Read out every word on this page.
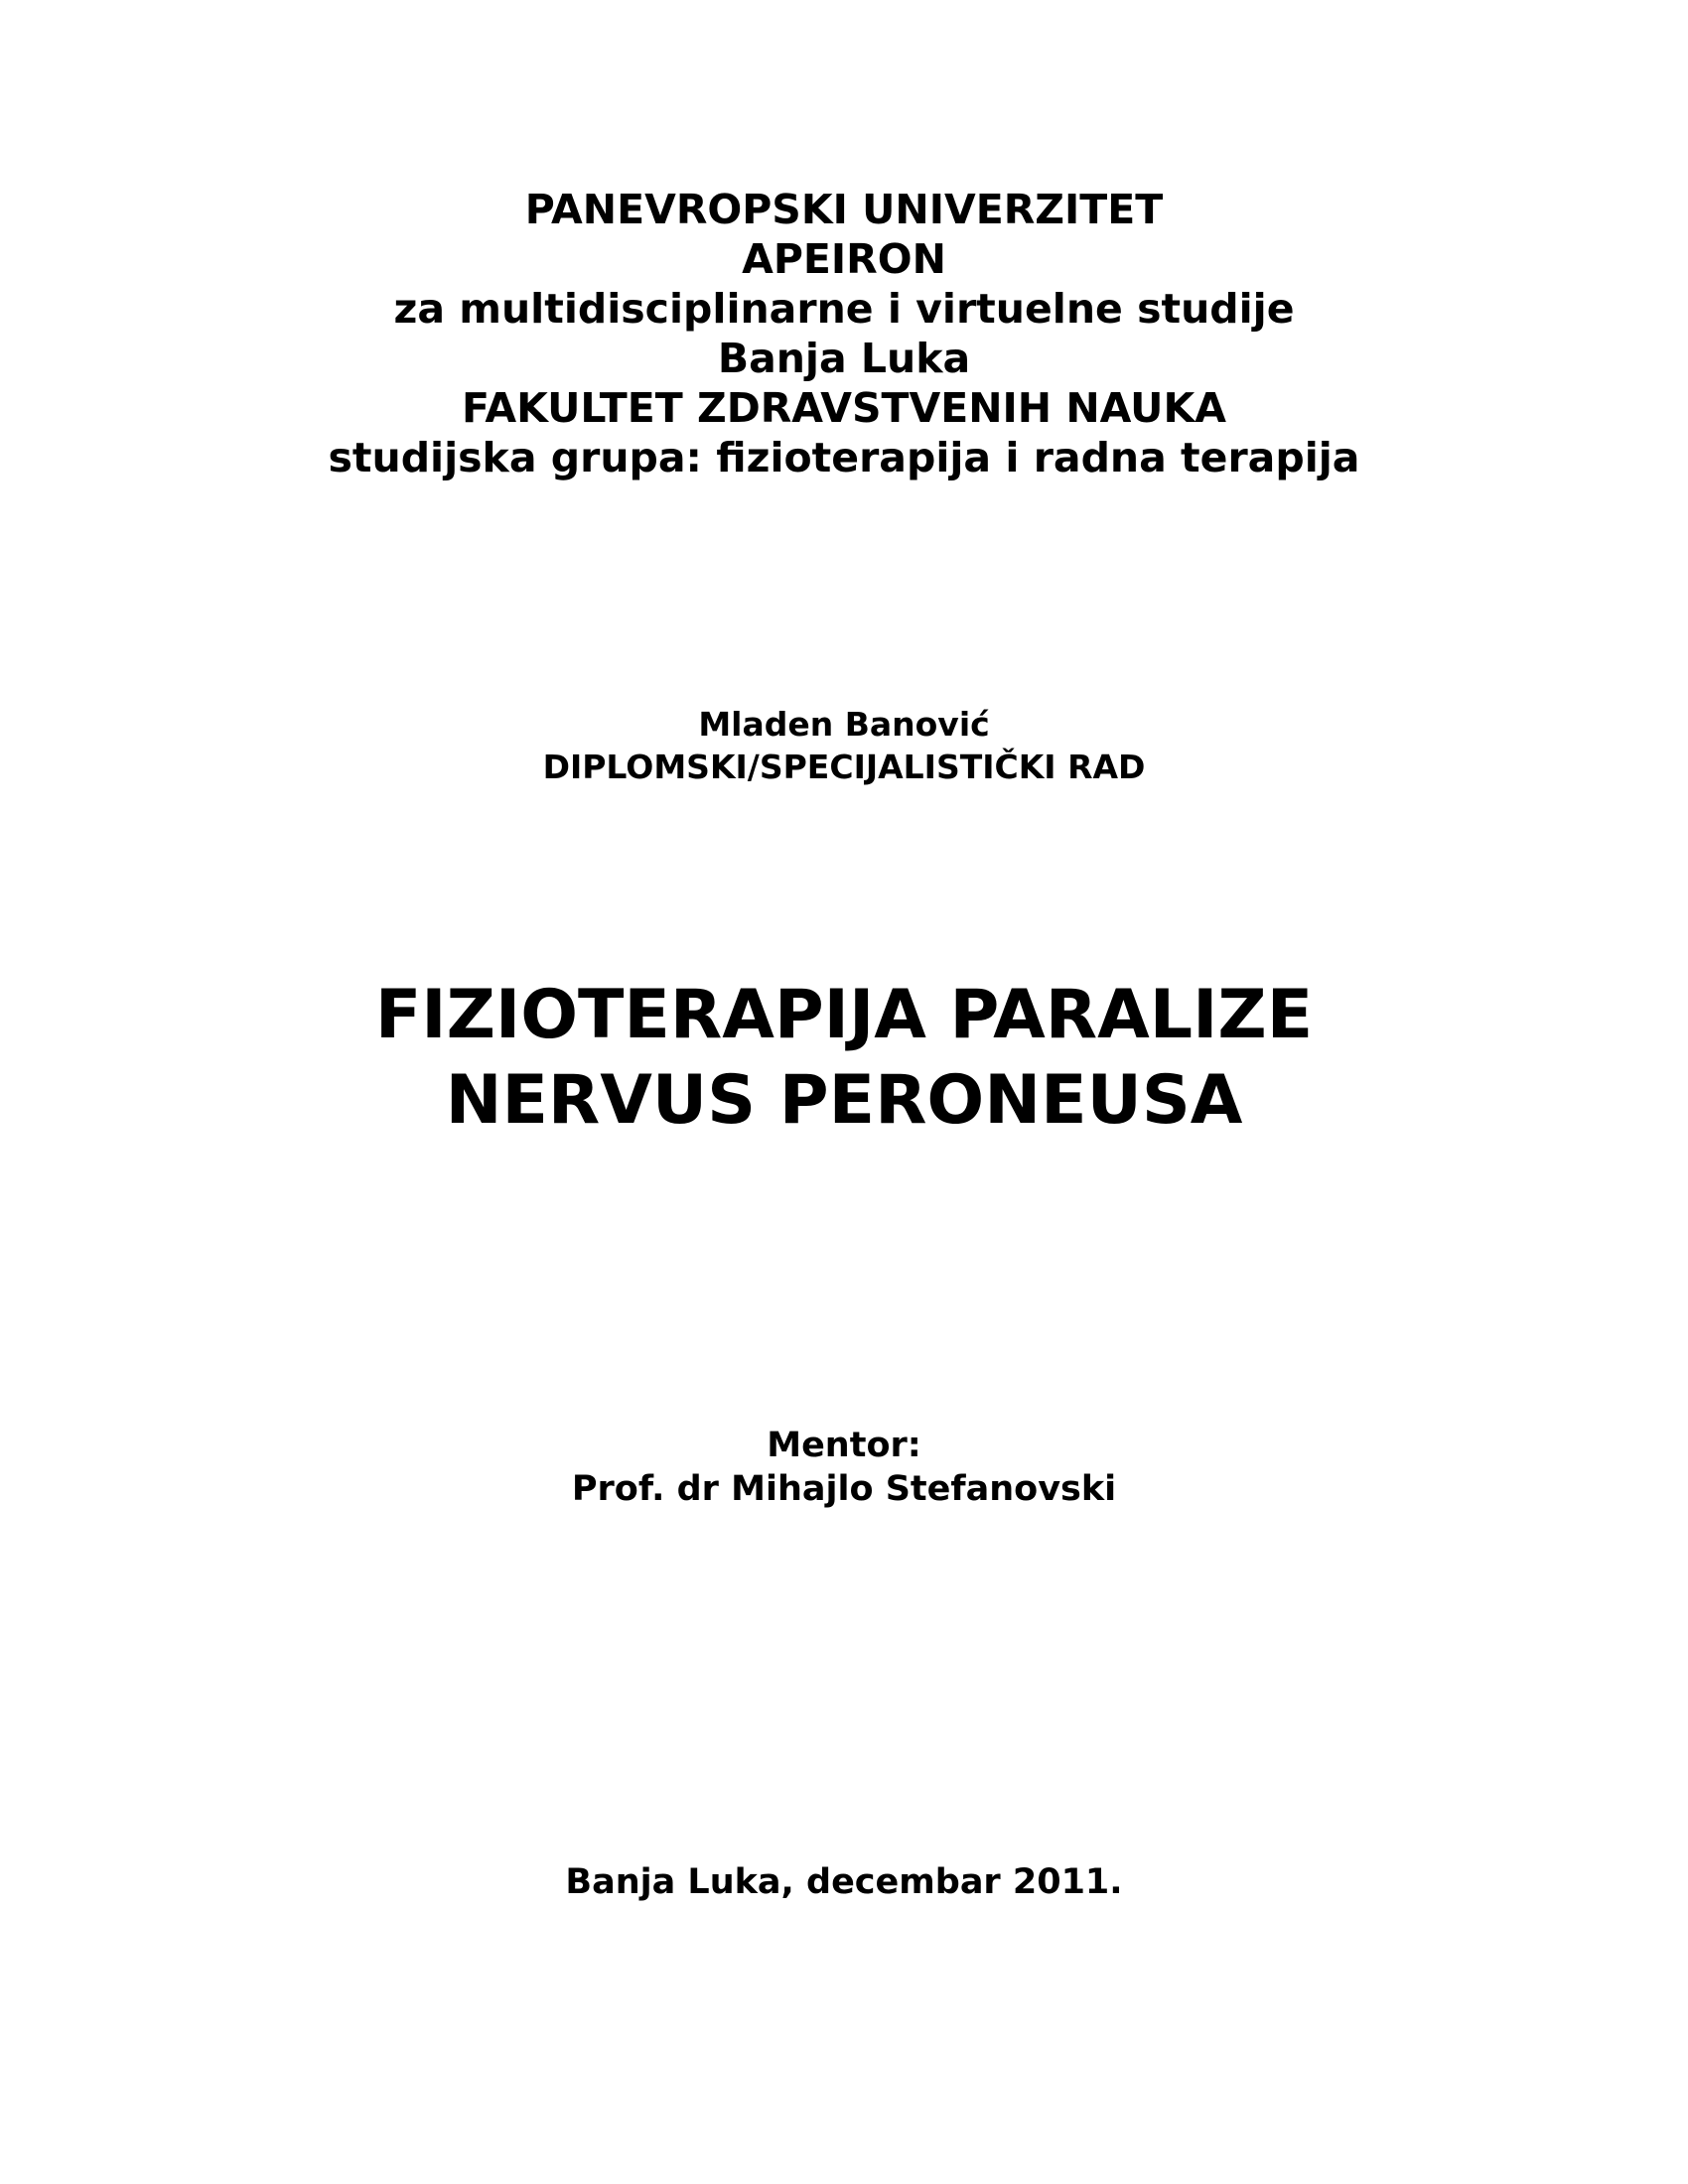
PANEVROPSKI UNIVERZITET
APEIRON
za multidisciplinarne i virtuelne studije
Banja Luka
FAKULTET ZDRAVSTVENIH NAUKA
studijska grupa: fizioterapija i radna terapija
Mladen Banović
DIPLOMSKI/SPECIJALISTIČKI RAD
FIZIOTERAPIJA PARALIZE
NERVUS PERONEUSA
Mentor:
Prof. dr Mihajlo Stefanovski
Banja Luka, decembar 2011.
